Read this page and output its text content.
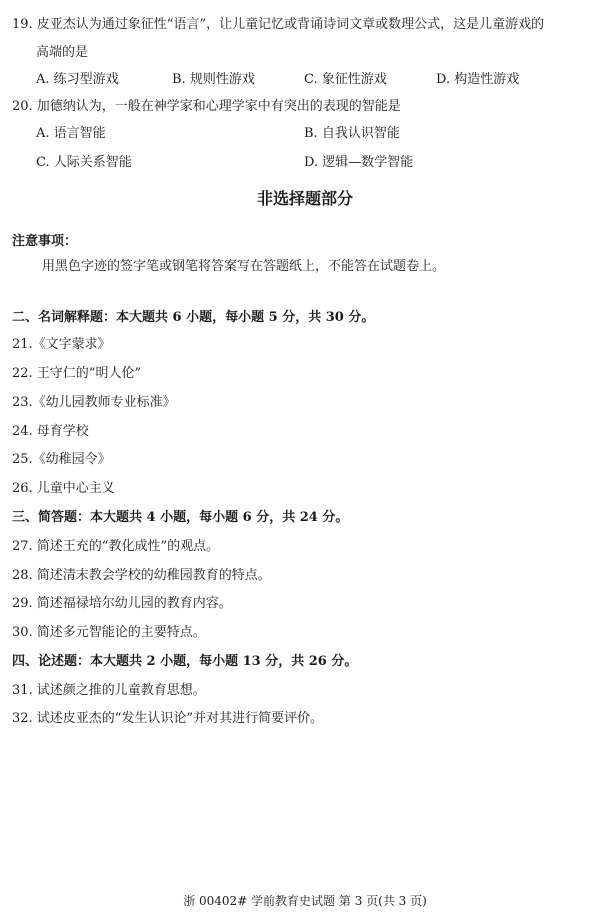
19. 皮亚杰认为通过象征性“语言”，让儿童记忆或背诵诗词文章或数理公式，这是儿童游戏的
高端的是
A. 练习型游戏	B. 规则性游戏	C. 象征性游戏	D. 构造性游戏
20. 加德纳认为，一般在神学家和心理学家中有突出的表现的智能是
A. 语言智能	B. 自我认识智能
C. 人际关系智能	D. 逻辑—数学智能
非选择题部分
注意事项：
用黑色字迹的签字笔或钢笔将答案写在答题纸上，不能答在试题卷上。
二、名词解释题：本大题共 6 小题，每小题 5 分，共 30 分。
21.《文字蒙求》
22. 王守仁的“明人伦”
23.《幼儿园教师专业标准》
24. 母育学校
25.《幼稚园令》
26. 儿童中心主义
三、简答题：本大题共 4 小题，每小题 6 分，共 24 分。
27. 简述王充的“教化成性”的观点。
28. 简述清末教会学校的幼稚园教育的特点。
29. 简述福禄培尔幼儿园的教育内容。
30. 简述多元智能论的主要特点。
四、论述题：本大题共 2 小题，每小题 13 分，共 26 分。
31. 试述颜之推的儿童教育思想。
32. 试述皮亚杰的“发生认识论”并对其进行简要评价。
浙 00402# 学前教育史试题 第 3 页(共 3 页)
